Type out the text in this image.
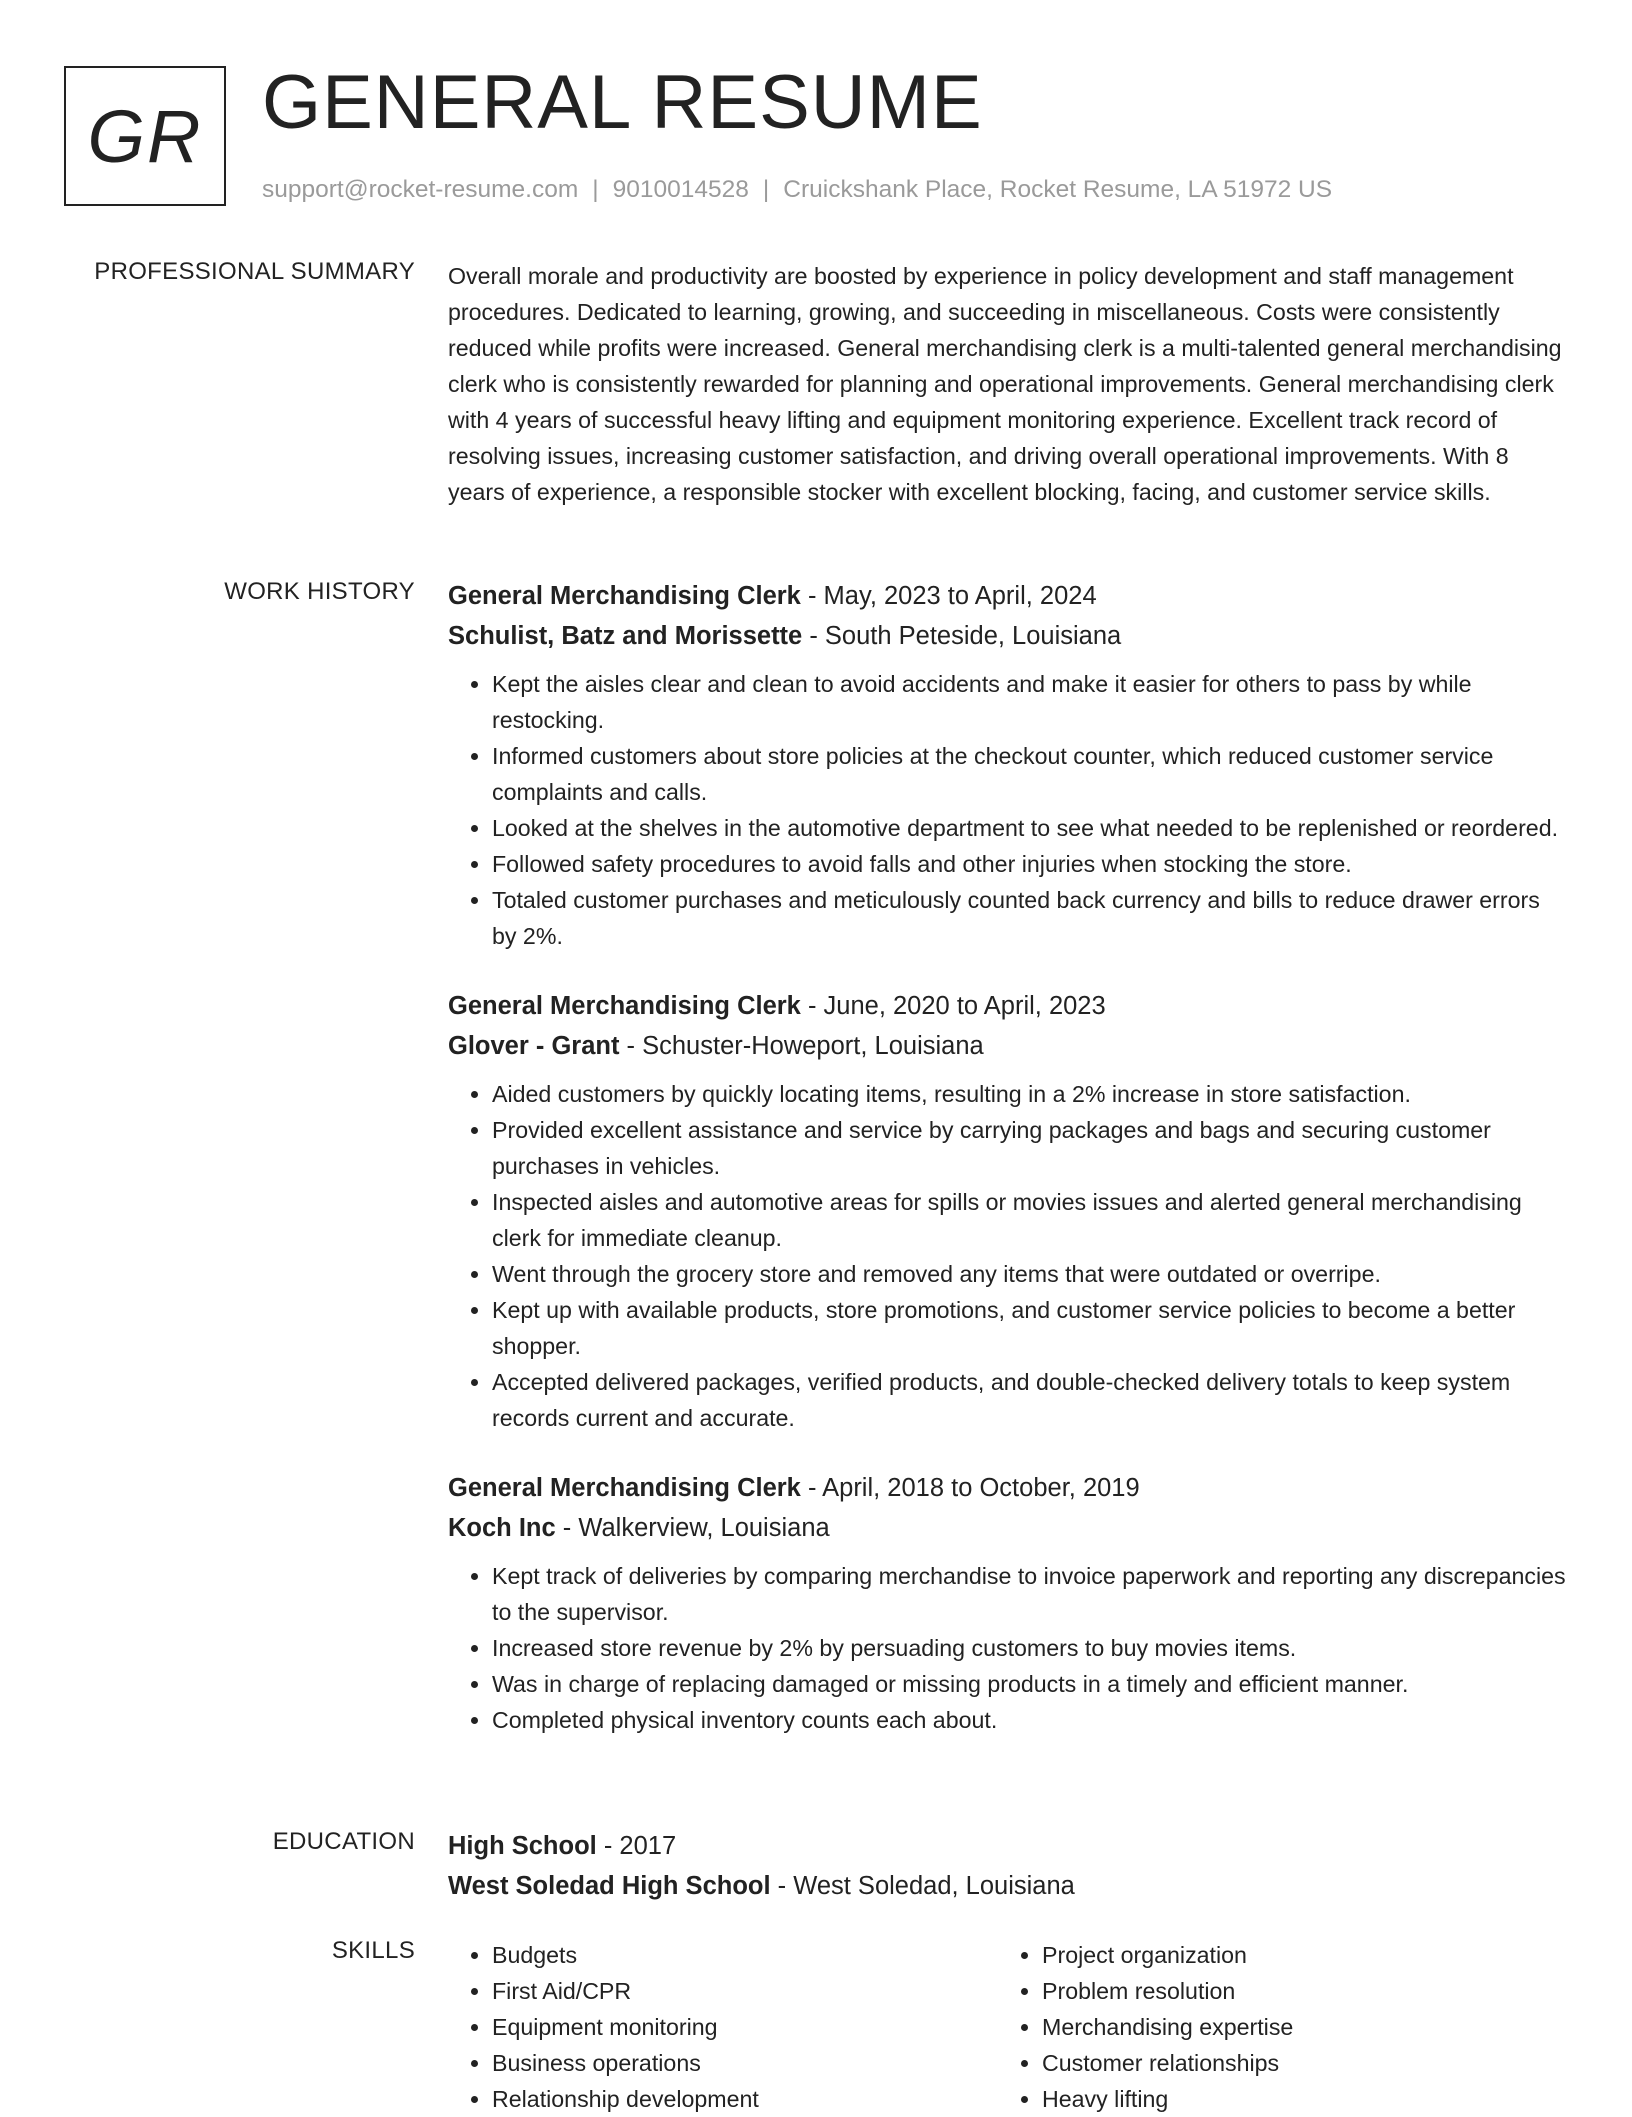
GR GENERAL RESUME
support@rocket-resume.com | 9010014528 | Cruickshank Place, Rocket Resume, LA 51972 US
PROFESSIONAL SUMMARY Overall morale and productivity are boosted by experience in policy development and staff management procedures. Dedicated to learning, growing, and succeeding in miscellaneous. Costs were consistently reduced while profits were increased. General merchandising clerk is a multi-talented general merchandising clerk who is consistently rewarded for planning and operational improvements. General merchandising clerk with 4 years of successful heavy lifting and equipment monitoring experience. Excellent track record of resolving issues, increasing customer satisfaction, and driving overall operational improvements. With 8 years of experience, a responsible stocker with excellent blocking, facing, and customer service skills.

WORK HISTORY General Merchandising Clerk - May, 2023 to April, 2024
Schulist, Batz and Morissette - South Peteside, Louisiana
• Kept the aisles clear and clean to avoid accidents and make it easier for others to pass by while restocking.
• Informed customers about store policies at the checkout counter, which reduced customer service complaints and calls.
• Looked at the shelves in the automotive department to see what needed to be replenished or reordered.
• Followed safety procedures to avoid falls and other injuries when stocking the store.
• Totaled customer purchases and meticulously counted back currency and bills to reduce drawer errors by 2%.
General Merchandising Clerk - June, 2020 to April, 2023
Glover - Grant - Schuster-Howeport, Louisiana
• Aided customers by quickly locating items, resulting in a 2% increase in store satisfaction.
• Provided excellent assistance and service by carrying packages and bags and securing customer purchases in vehicles.
• Inspected aisles and automotive areas for spills or movies issues and alerted general merchandising clerk for immediate cleanup.
• Went through the grocery store and removed any items that were outdated or overripe.
• Kept up with available products, store promotions, and customer service policies to become a better shopper.
• Accepted delivered packages, verified products, and double-checked delivery totals to keep system records current and accurate.
General Merchandising Clerk - April, 2018 to October, 2019
Koch Inc - Walkerview, Louisiana
• Kept track of deliveries by comparing merchandise to invoice paperwork and reporting any discrepancies to the supervisor.
• Increased store revenue by 2% by persuading customers to buy movies items.
• Was in charge of replacing damaged or missing products in a timely and efficient manner.
• Completed physical inventory counts each about.
EDUCATION High School - 2017
West Soledad High School - West Soledad, Louisiana
SKILLS
•	Budgets
• First Aid/CPR
• Equipment monitoring
• Business operations
• Relationship development
• Project organization
• Problem resolution
• Merchandising expertise
• Customer relationships
• Heavy lifting
